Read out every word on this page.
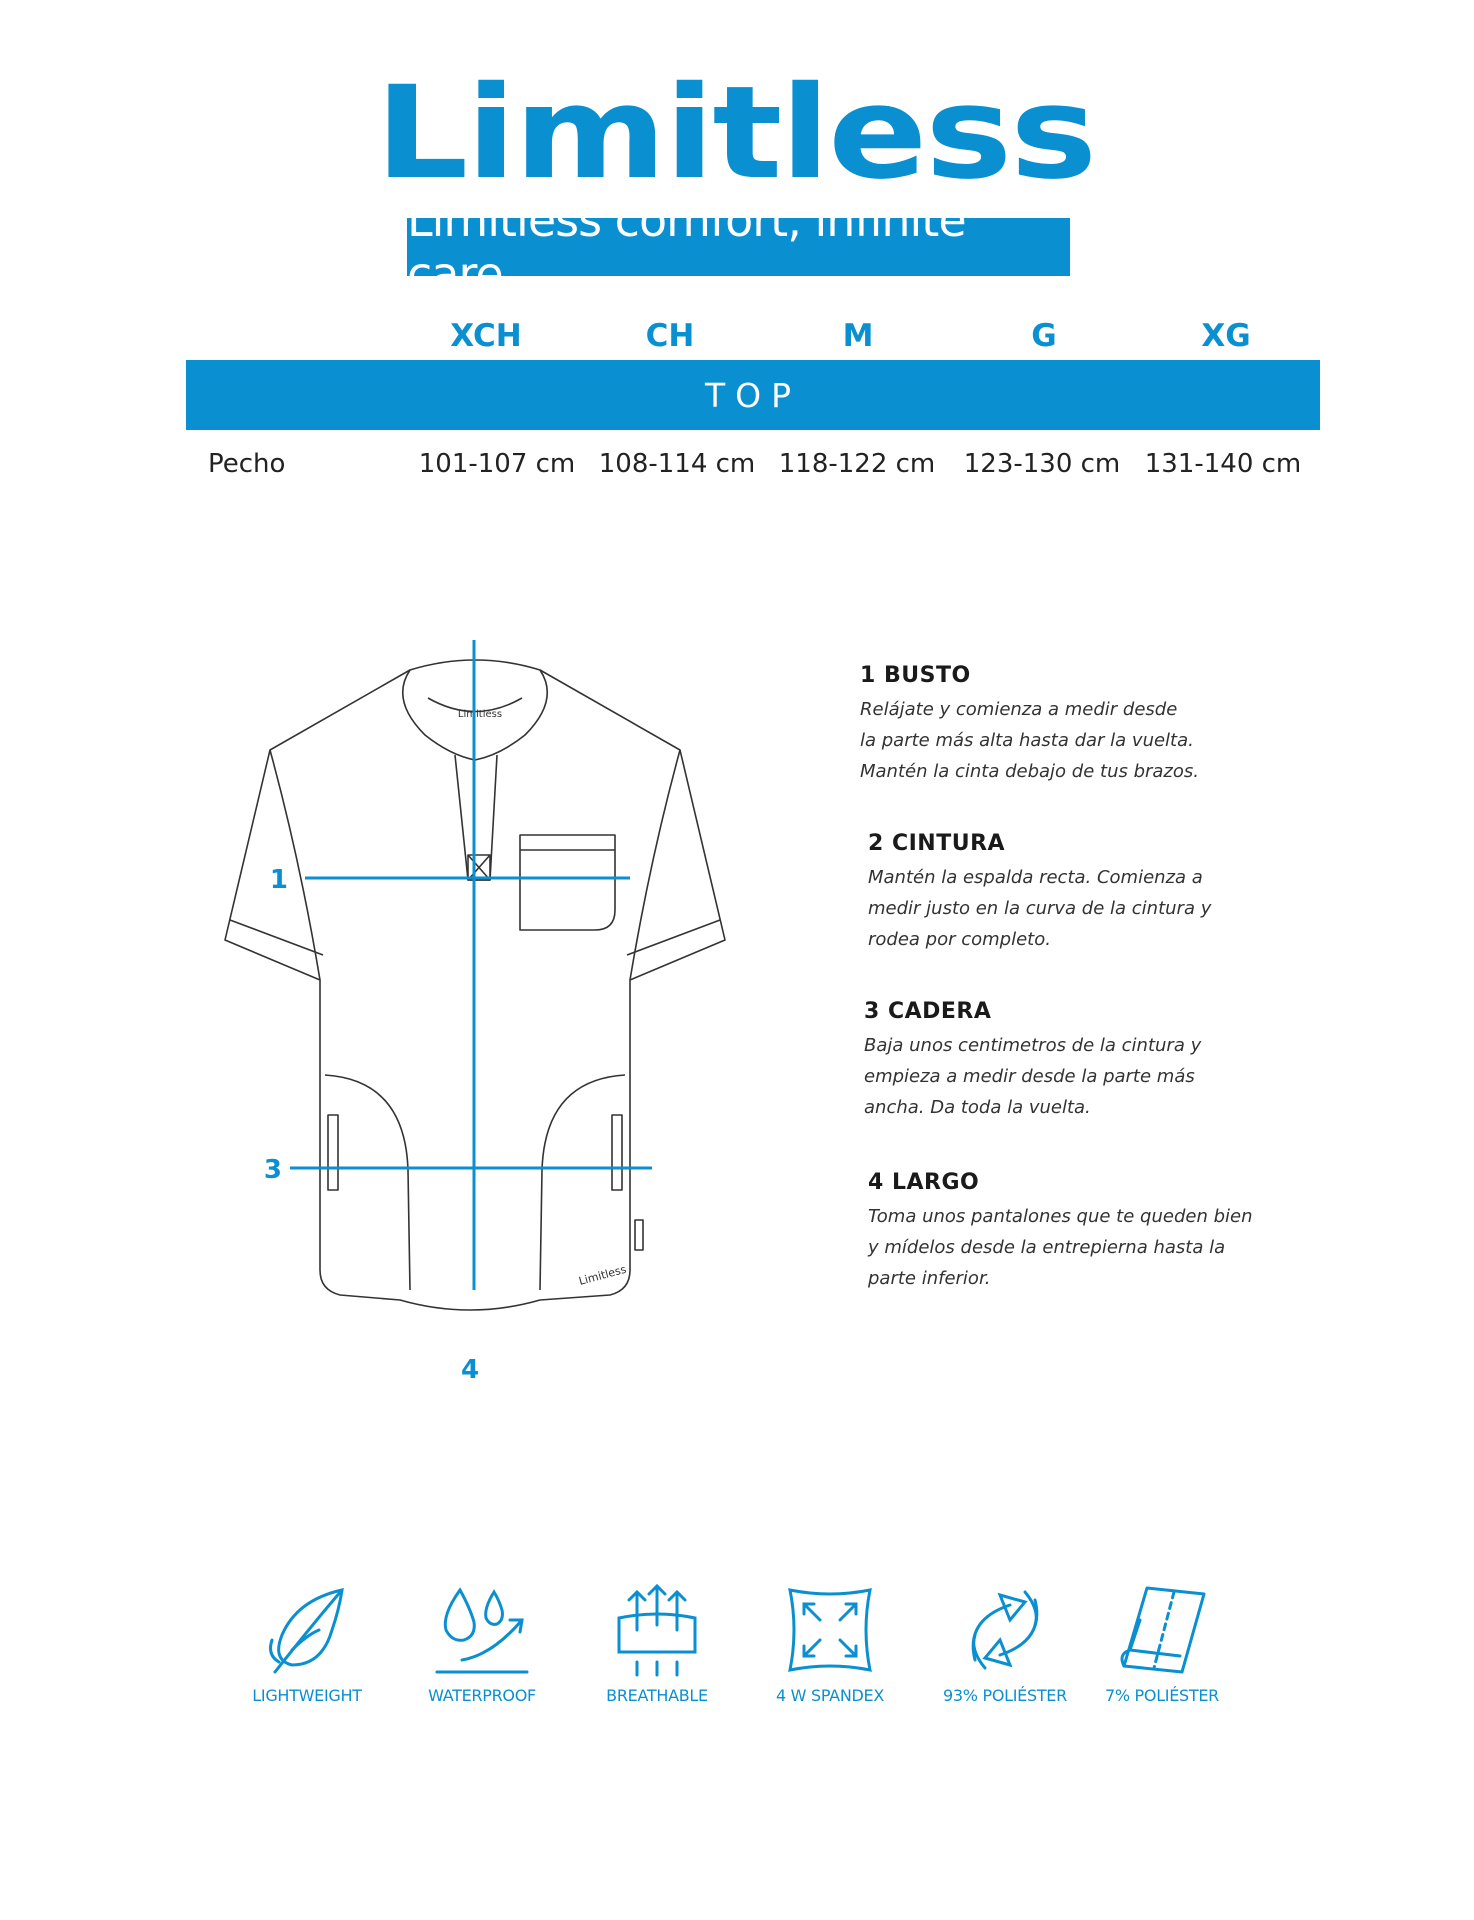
Limitless
Limitless comfort, infinite care
XCH	CH	M	G	XG
TOP
Pecho	101-107 cm 108-114 cm 118-122 cm	123-130 cm 131-140 cm
Limitless
Limitless
1
3
4
1 BUSTO

Relájate y comienza a medir desde
la parte más alta hasta dar la vuelta.
Mantén la cinta debajo de tus brazos.

2 CINTURA

Mantén la espalda recta. Comienza a
medir justo en la curva de la cintura y
rodea por completo.

3 CADERA

Baja unos centimetros de la cintura y
empieza a medir desde la parte más
ancha. Da toda la vuelta.

4 LARGO

Toma unos pantalones que te queden bien
y mídelos desde la entrepierna hasta la
parte inferior.

LIGHTWEIGHT	WATERPROOF	BREATHABLE	4 W SPANDEX	93% POLIÉSTER	7% POLIÉSTER
